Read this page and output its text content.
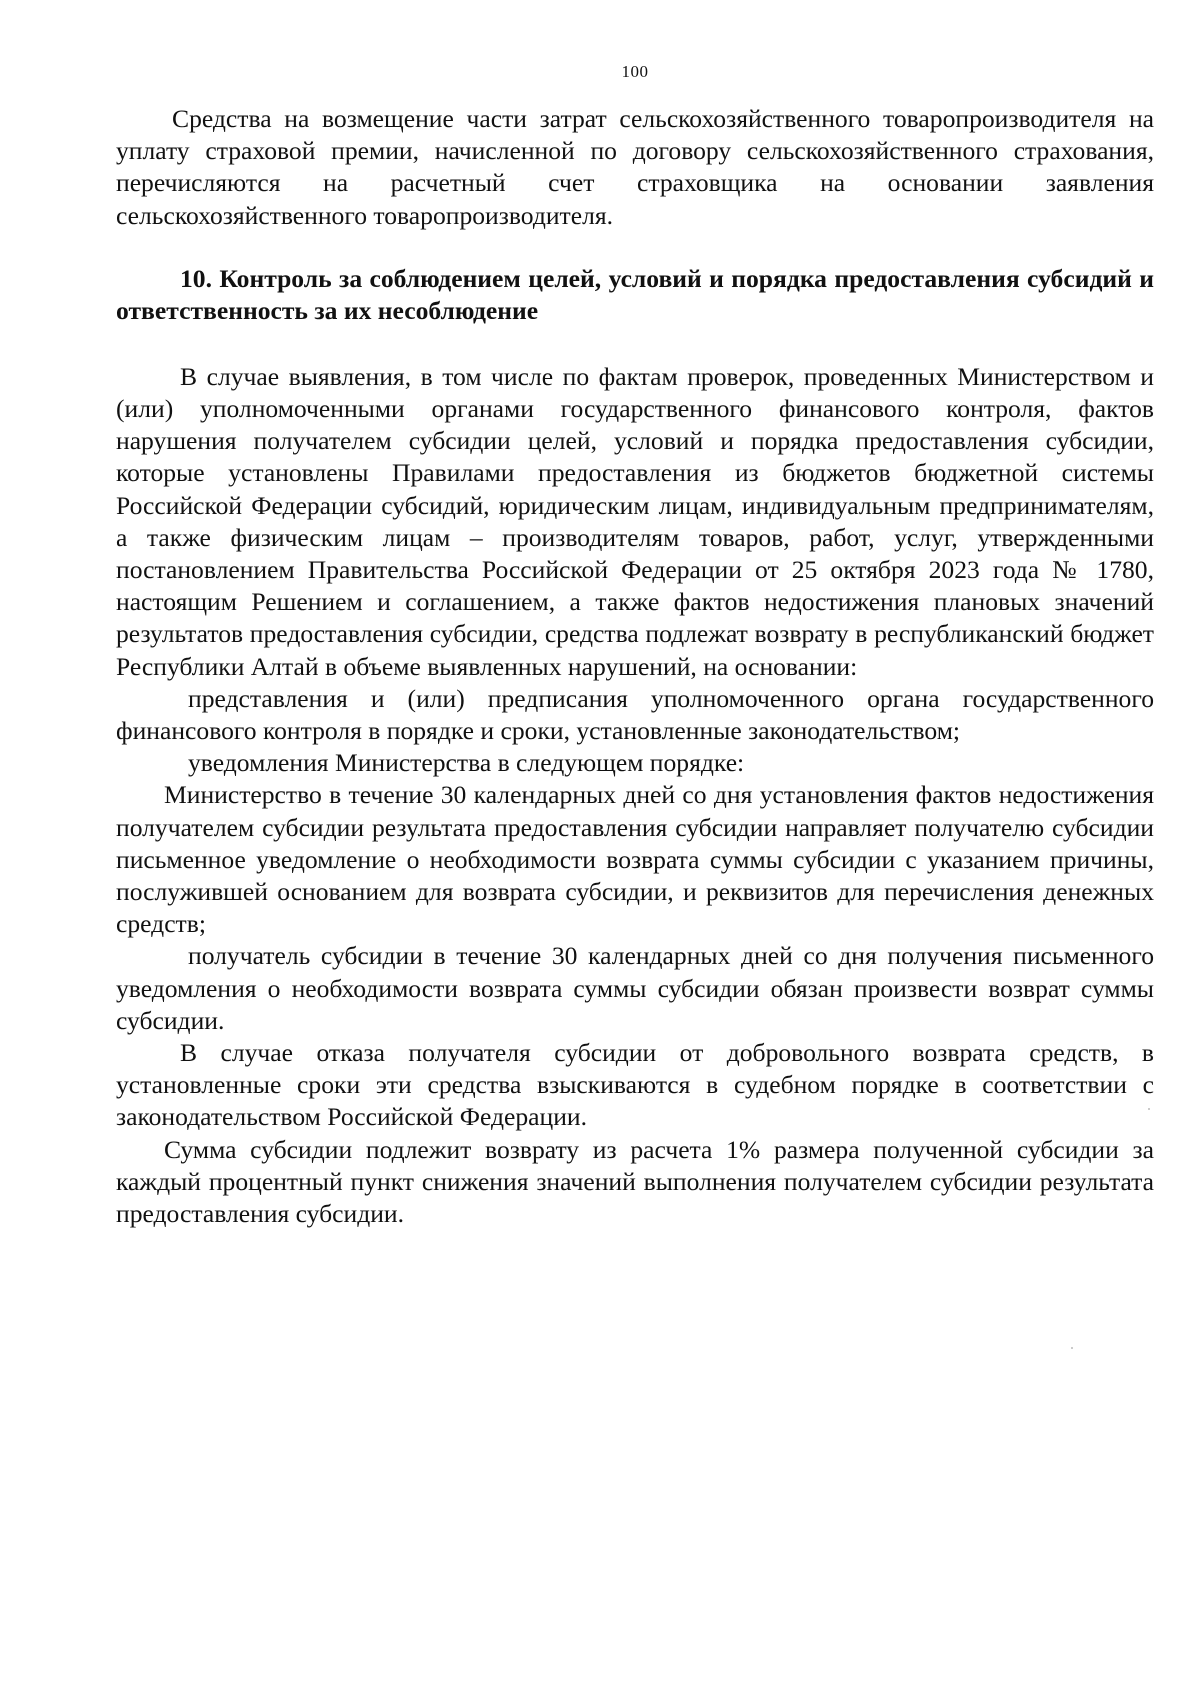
100

Средства на возмещение части затрат сельскохозяйственного товаропроизводителя на уплату страховой премии, начисленной по договору сельскохозяйственного страхования, перечисляются на расчетный счет страховщика на основании заявления сельскохозяйственного товаропроизводителя.

10. Контроль за соблюдением целей, условий и порядка предоставления субсидий и ответственность за их несоблюдение

В случае выявления, в том числе по фактам проверок, проведенных Министерством и (или) уполномоченными органами государственного финансового контроля, фактов нарушения получателем субсидии целей, условий и порядка предоставления субсидии, которые установлены Правилами предоставления из бюджетов бюджетной системы Российской Федерации субсидий, юридическим лицам, индивидуальным предпринимателям, а также физическим лицам – производителям товаров, работ, услуг, утвержденными постановлением Правительства Российской Федерации от 25 октября 2023 года № 1780, настоящим Решением и соглашением, а также фактов недостижения плановых значений результатов предоставления субсидии, средства подлежат возврату в республиканский бюджет Республики Алтай в объеме выявленных нарушений, на основании:

представления и (или) предписания уполномоченного органа государственного финансового контроля в порядке и сроки, установленные законодательством;

уведомления Министерства в следующем порядке:

Министерство в течение 30 календарных дней со дня установления фактов недостижения получателем субсидии результата предоставления субсидии направляет получателю субсидии письменное уведомление о необходимости возврата суммы субсидии с указанием причины, послужившей основанием для возврата субсидии, и реквизитов для перечисления денежных средств;

получатель субсидии в течение 30 календарных дней со дня получения письменного уведомления о необходимости возврата суммы субсидии обязан произвести возврат суммы субсидии.

В случае отказа получателя субсидии от добровольного возврата средств, в установленные сроки эти средства взыскиваются в судебном порядке в соответствии с законодательством Российской Федерации.

Сумма субсидии подлежит возврату из расчета 1% размера полученной субсидии за каждый процентный пункт снижения значений выполнения получателем субсидии результата предоставления субсидии.
